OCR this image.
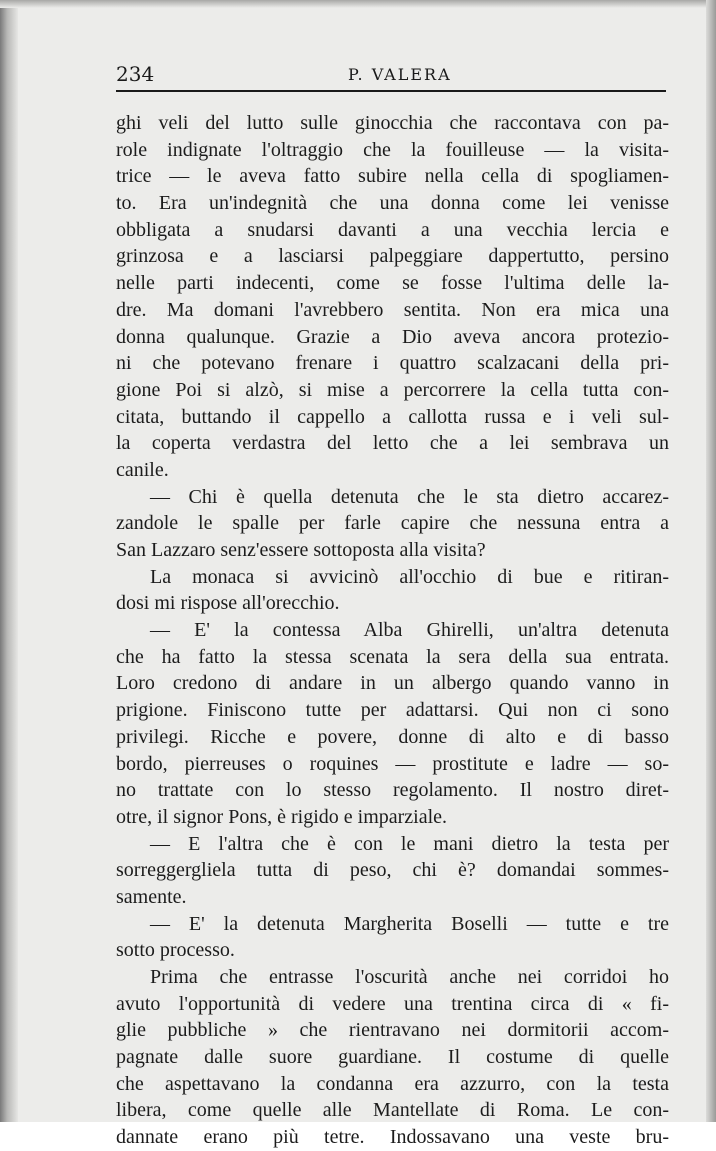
234	P. VALERA
ghi veli del lutto sulle ginocchia che raccontava con pa-
role indignate l'oltraggio che la fouilleuse — la visita-
trice — le aveva fatto subire nella cella di spogliamen-
to. Era un'indegnità che una donna come lei venisse
obbligata a snudarsi davanti a una vecchia lercia e
grinzosa e a lasciarsi palpeggiare dappertutto, persino
nelle parti indecenti, come se fosse l'ultima delle la-
dre. Ma domani l'avrebbero sentita. Non era mica una
donna qualunque. Grazie a Dio aveva ancora protezio-
ni che potevano frenare i quattro scalzacani della pri-
gione Poi si alzò, si mise a percorrere la cella tutta con-
citata, buttando il cappello a callotta russa e i veli sul-
la coperta verdastra del letto che a lei sembrava un
canile.
— Chi è quella detenuta che le sta dietro accarez-
zandole le spalle per farle capire che nessuna entra a
San Lazzaro senz'essere sottoposta alla visita?
La monaca si avvicinò all'occhio di bue e ritiran-
dosi mi rispose all'orecchio.
— E' la contessa Alba Ghirelli, un'altra detenuta
che ha fatto la stessa scenata la sera della sua entrata.
Loro credono di andare in un albergo quando vanno in
prigione. Finiscono tutte per adattarsi. Qui non ci sono
privilegi. Ricche e povere, donne di alto e di basso
bordo, pierreuses o roquines — prostitute e ladre — so-
no trattate con lo stesso regolamento. Il nostro diret-
otre, il signor Pons, è rigido e imparziale.
— E l'altra che è con le mani dietro la testa per
sorreggergliela tutta di peso, chi è? domandai sommes-
samente.
— E' la detenuta Margherita Boselli — tutte e tre
sotto processo.
Prima che entrasse l'oscurità anche nei corridoi ho
avuto l'opportunità di vedere una trentina circa di « fi-
glie pubbliche » che rientravano nei dormitorii accom-
pagnate dalle suore guardiane. Il costume di quelle
che aspettavano la condanna era azzurro, con la testa
libera, come quelle alle Mantellate di Roma. Le con-
dannate erano più tetre. Indossavano una veste bru-
